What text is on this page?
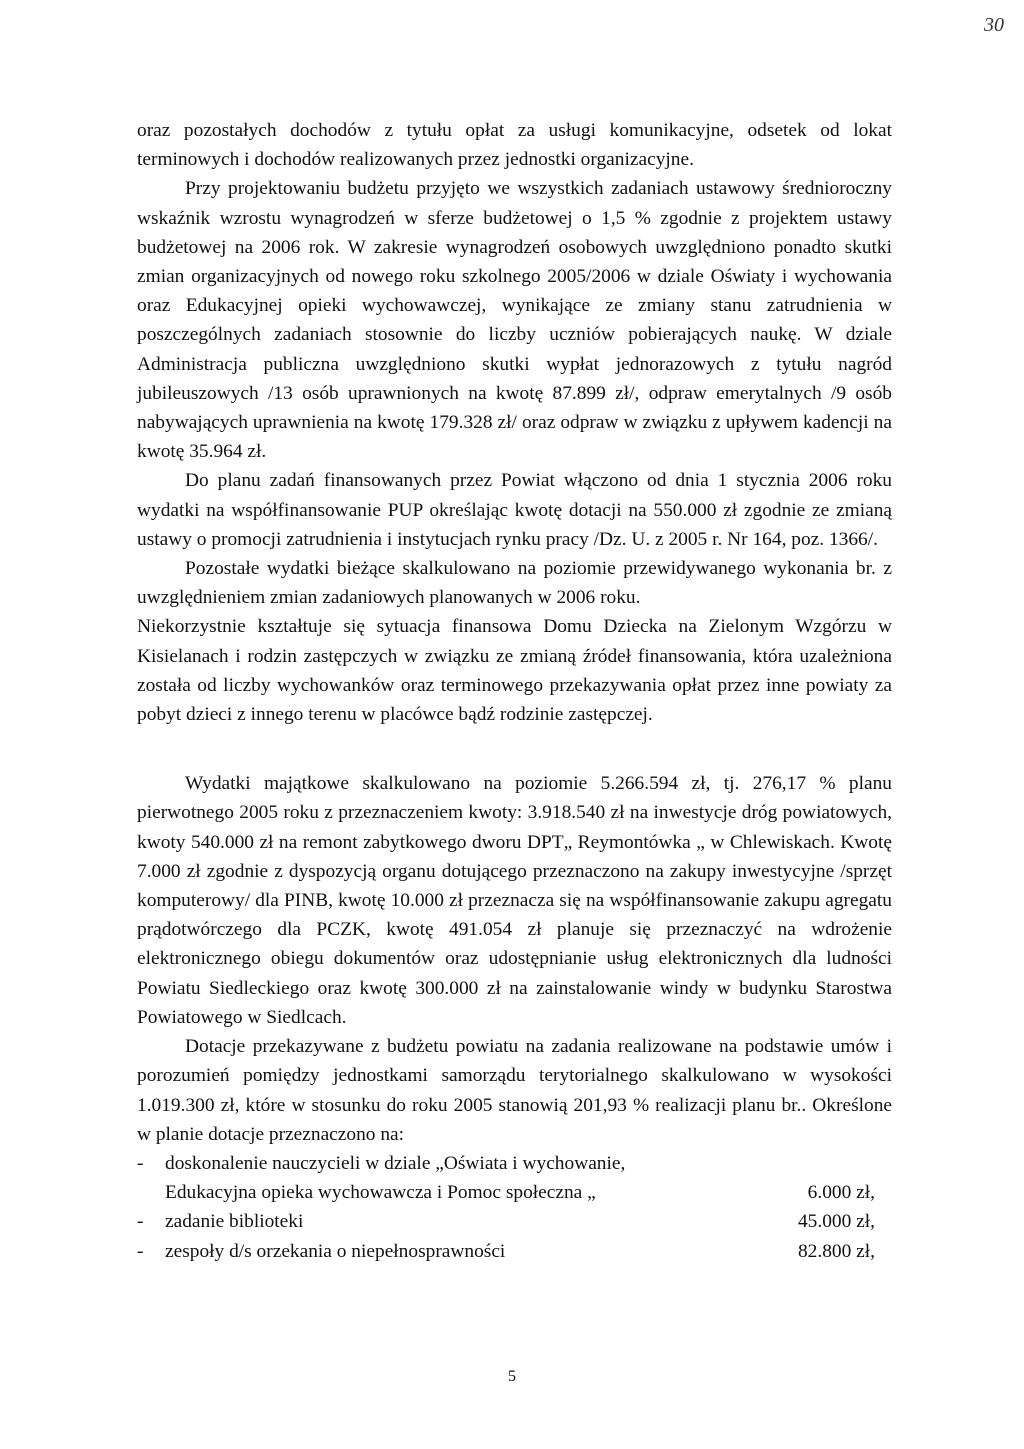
30

oraz pozostałych dochodów z tytułu opłat za usługi komunikacyjne, odsetek od lokat terminowych i dochodów realizowanych przez jednostki organizacyjne.

Przy projektowaniu budżetu przyjęto we wszystkich zadaniach ustawowy średnioroczny wskaźnik wzrostu wynagrodzeń w sferze budżetowej o 1,5 % zgodnie z projektem ustawy budżetowej na 2006 rok. W zakresie wynagrodzeń osobowych uwzględniono ponadto skutki zmian organizacyjnych od nowego roku szkolnego 2005/2006 w dziale Oświaty i wychowania oraz Edukacyjnej opieki wychowawczej, wynikające ze zmiany stanu zatrudnienia w poszczególnych zadaniach stosownie do liczby uczniów pobierających naukę. W dziale Administracja publiczna uwzględniono skutki wypłat jednorazowych z tytułu nagród jubileuszowych /13 osób uprawnionych na kwotę 87.899 zł/, odpraw emerytalnych /9 osób nabywających uprawnienia na kwotę 179.328 zł/ oraz odpraw w związku z upływem kadencji na kwotę 35.964 zł.

Do planu zadań finansowanych przez Powiat włączono od dnia 1 stycznia 2006 roku wydatki na współfinansowanie PUP określając kwotę dotacji na 550.000 zł zgodnie ze zmianą ustawy o promocji zatrudnienia i instytucjach rynku pracy /Dz. U. z 2005 r. Nr 164, poz. 1366/.

Pozostałe wydatki bieżące skalkulowano na poziomie przewidywanego wykonania br. z uwzględnieniem zmian zadaniowych planowanych w 2006 roku.

Niekorzystnie kształtuje się sytuacja finansowa Domu Dziecka na Zielonym Wzgórzu w Kisielanach i rodzin zastępczych w związku ze zmianą źródeł finansowania, która uzależniona została od liczby wychowanków oraz terminowego przekazywania opłat przez inne powiaty za pobyt dzieci z innego terenu w placówce bądź rodzinie zastępczej.

Wydatki majątkowe skalkulowano na poziomie 5.266.594 zł, tj. 276,17 % planu pierwotnego 2005 roku z przeznaczeniem kwoty: 3.918.540 zł na inwestycje dróg powiatowych, kwoty 540.000 zł na remont zabytkowego dworu DPT„ Reymontówka „ w Chlewiskach. Kwotę 7.000 zł zgodnie z dyspozycją organu dotującego przeznaczono na zakupy inwestycyjne /sprzęt komputerowy/ dla PINB, kwotę 10.000 zł przeznacza się na współfinansowanie zakupu agregatu prądotwórczego dla PCZK, kwotę 491.054 zł planuje się przeznaczyć na wdrożenie elektronicznego obiegu dokumentów oraz udostępnianie usług elektronicznych dla ludności Powiatu Siedleckiego oraz kwotę 300.000 zł na zainstalowanie windy w budynku Starostwa Powiatowego w Siedlcach.

Dotacje przekazywane z budżetu powiatu na zadania realizowane na podstawie umów i porozumień pomiędzy jednostkami samorządu terytorialnego skalkulowano w wysokości 1.019.300 zł, które w stosunku do roku 2005 stanowią 201,93 % realizacji planu br.. Określone w planie dotacje przeznaczono na:

-	doskonalenie nauczycieli w dziale „Oświata i wychowanie,
Edukacyjna opieka wychowawcza i Pomoc społeczna „	6.000 zł,
-	zadanie biblioteki	45.000 zł,
-	zespoły d/s orzekania o niepełnosprawności	82.800 zł,
5
